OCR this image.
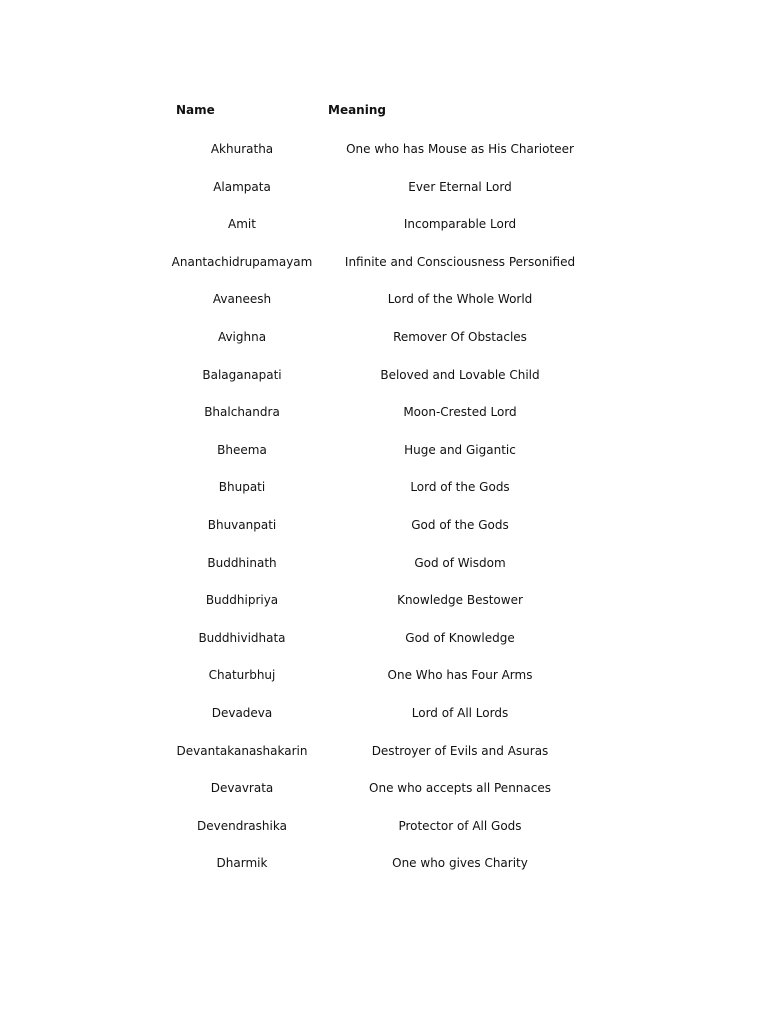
Name	Meaning
Akhuratha	One who has Mouse as His Charioteer
Alampata	Ever Eternal Lord
Amit	Incomparable Lord
Anantachidrupamayam	Infinite and Consciousness Personified
Avaneesh	Lord of the Whole World
Avighna	Remover Of Obstacles
Balaganapati	Beloved and Lovable Child
Bhalchandra	Moon-Crested Lord
Bheema	Huge and Gigantic
Bhupati	Lord of the Gods
Bhuvanpati	God of the Gods
Buddhinath	God of Wisdom
Buddhipriya	Knowledge Bestower
Buddhividhata	God of Knowledge
Chaturbhuj	One Who has Four Arms
Devadeva	Lord of All Lords
Devantakanashakarin	Destroyer of Evils and Asuras
Devavrata	One who accepts all Pennaces
Devendrashika	Protector of All Gods
Dharmik	One who gives Charity
